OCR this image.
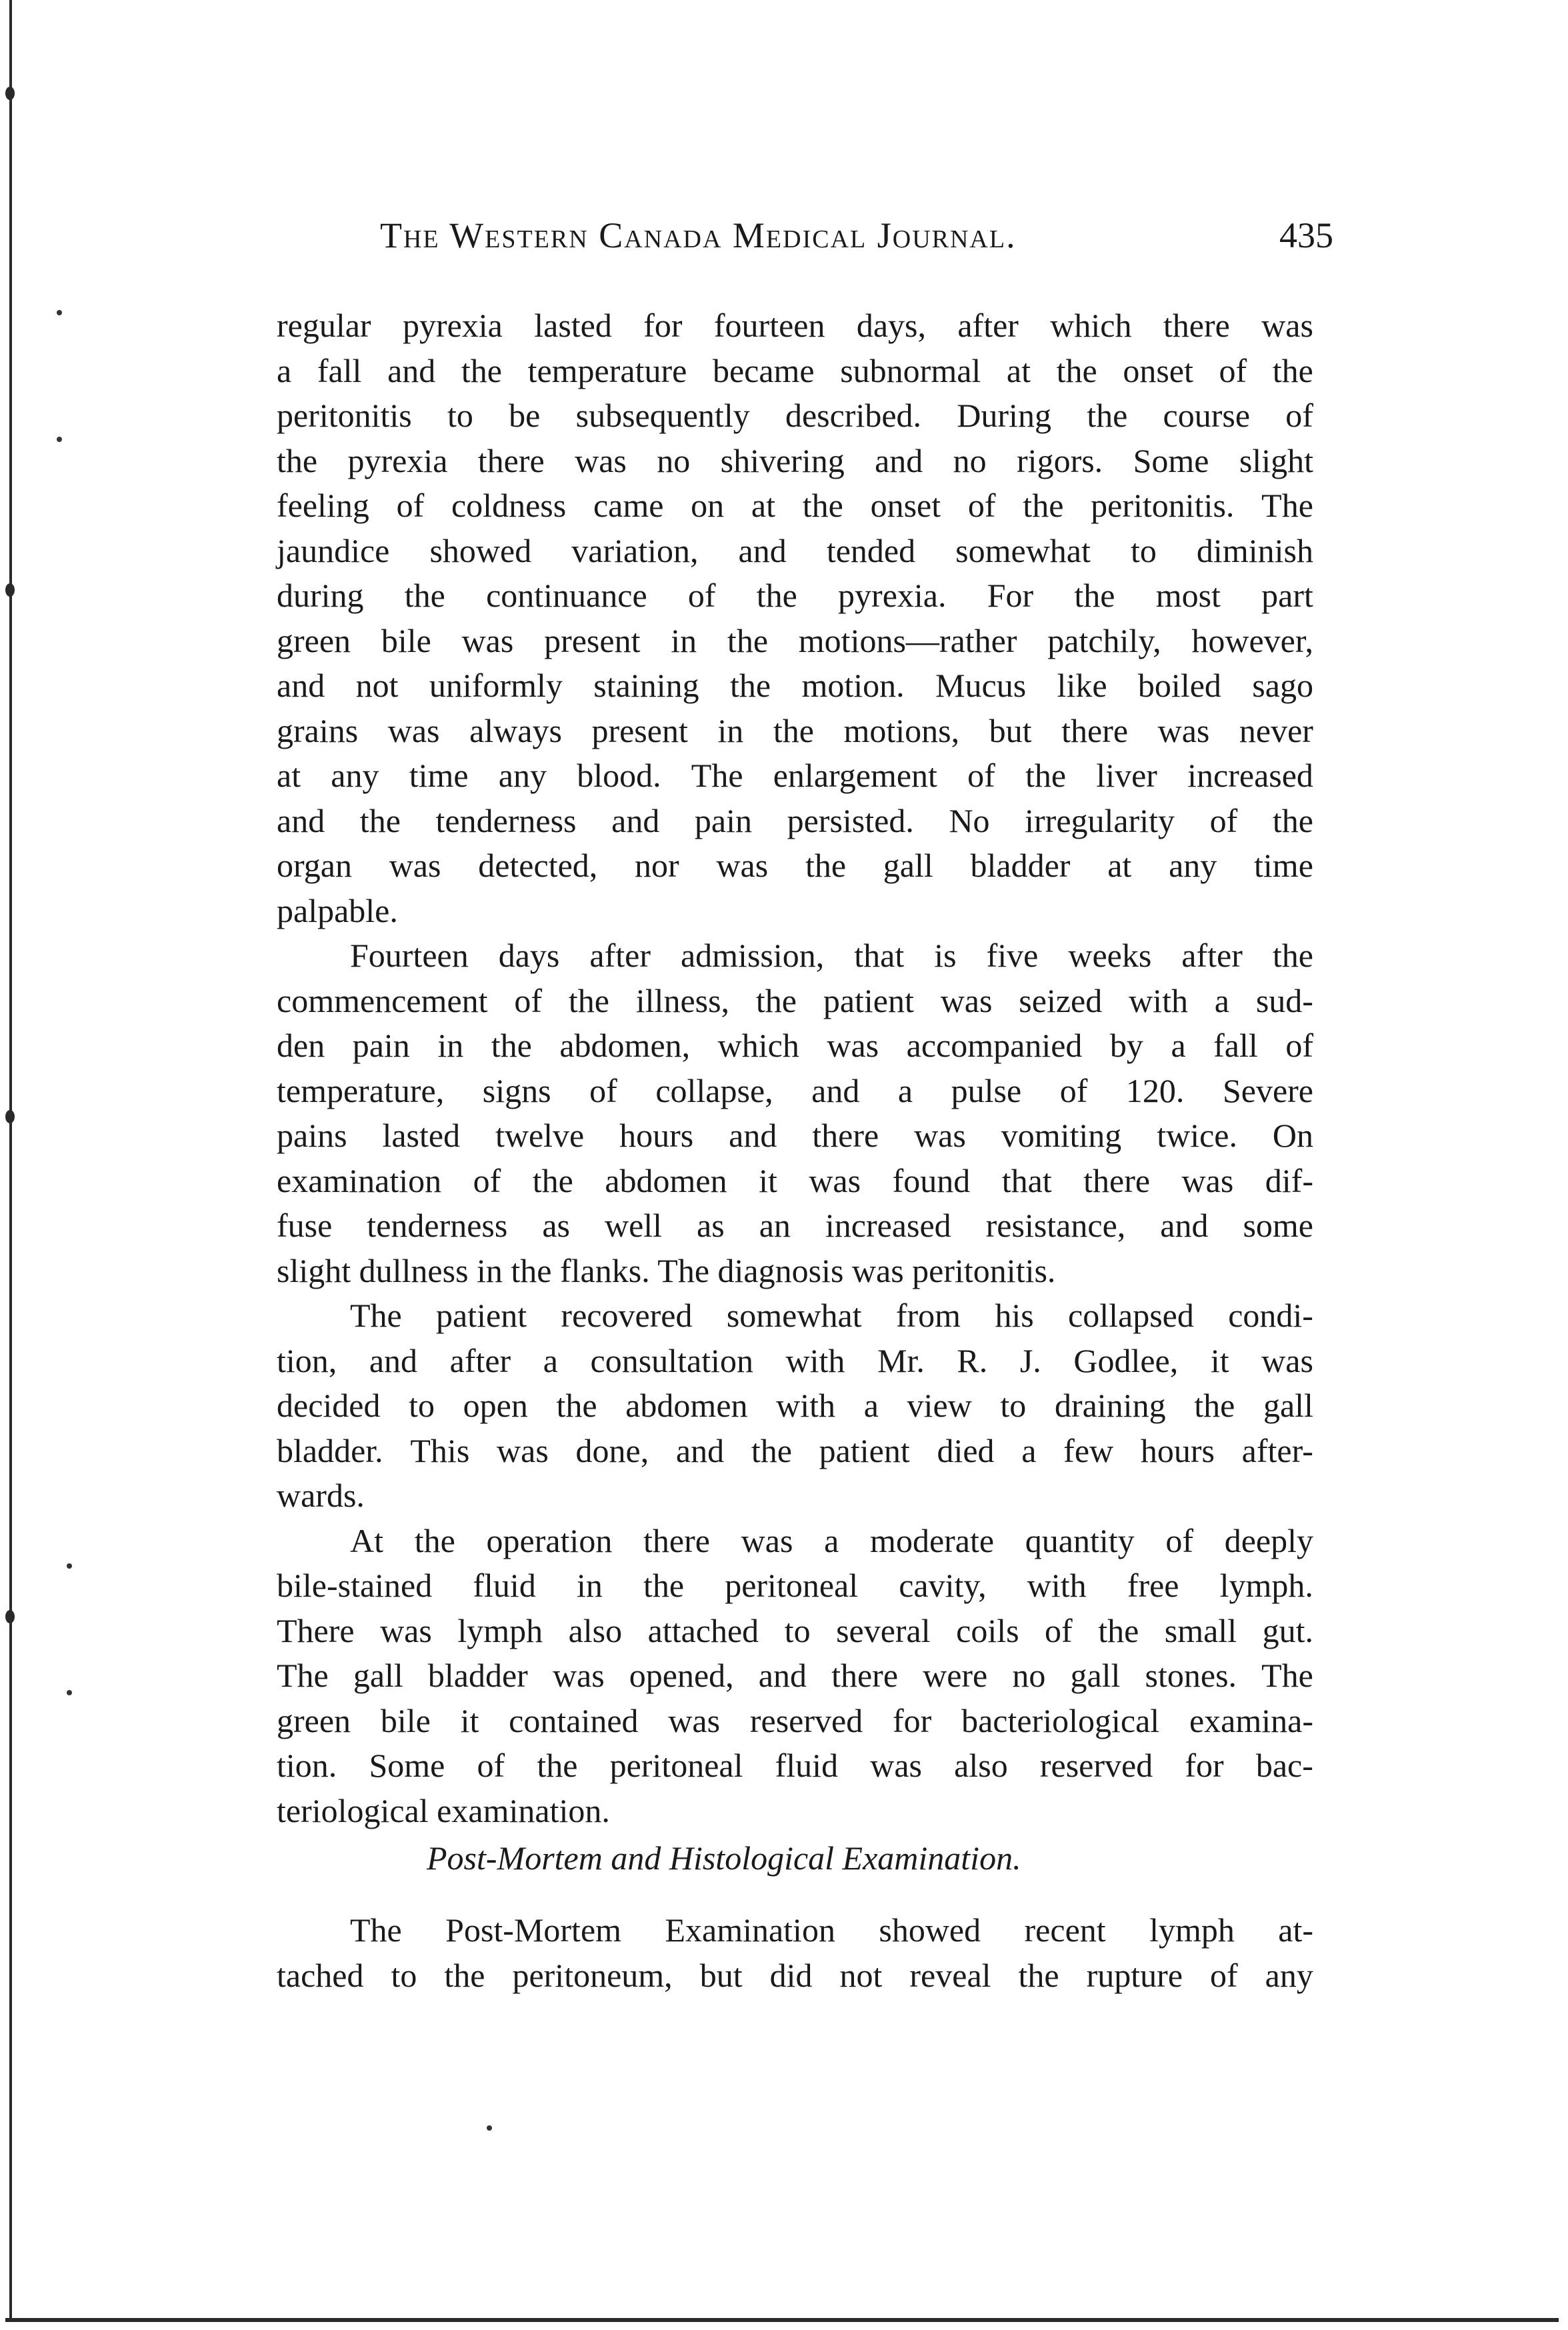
The Western Canada Medical Journal.	435
regular pyrexia lasted for fourteen days, after which there was
a fall and the temperature became subnormal at the onset of the
peritonitis to be subsequently described. During the course of
the pyrexia there was no shivering and no rigors. Some slight
feeling of coldness came on at the onset of the peritonitis. The
jaundice showed variation, and tended somewhat to diminish
during the continuance of the pyrexia. For the most part
green bile was present in the motions—rather patchily, however,
and not uniformly staining the motion. Mucus like boiled sago
grains was always present in the motions, but there was never
at any time any blood. The enlargement of the liver increased
and the tenderness and pain persisted. No irregularity of the
organ was detected, nor was the gall bladder at any time
palpable.
Fourteen days after admission, that is five weeks after the
commencement of the illness, the patient was seized with a sud-
den pain in the abdomen, which was accompanied by a fall of
temperature, signs of collapse, and a pulse of 120. Severe
pains lasted twelve hours and there was vomiting twice. On
examination of the abdomen it was found that there was dif-
fuse tenderness as well as an increased resistance, and some
slight dullness in the flanks. The diagnosis was peritonitis.
The patient recovered somewhat from his collapsed condi-
tion, and after a consultation with Mr. R. J. Godlee, it was
decided to open the abdomen with a view to draining the gall
bladder. This was done, and the patient died a few hours after-
wards.
At the operation there was a moderate quantity of deeply
bile-stained fluid in the peritoneal cavity, with free lymph.
There was lymph also attached to several coils of the small gut.
The gall bladder was opened, and there were no gall stones. The
green bile it contained was reserved for bacteriological examina-
tion. Some of the peritoneal fluid was also reserved for bac-
teriological examination.
Post-Mortem and Histological Examination.
The Post-Mortem Examination showed recent lymph at-
tached to the peritoneum, but did not reveal the rupture of any
